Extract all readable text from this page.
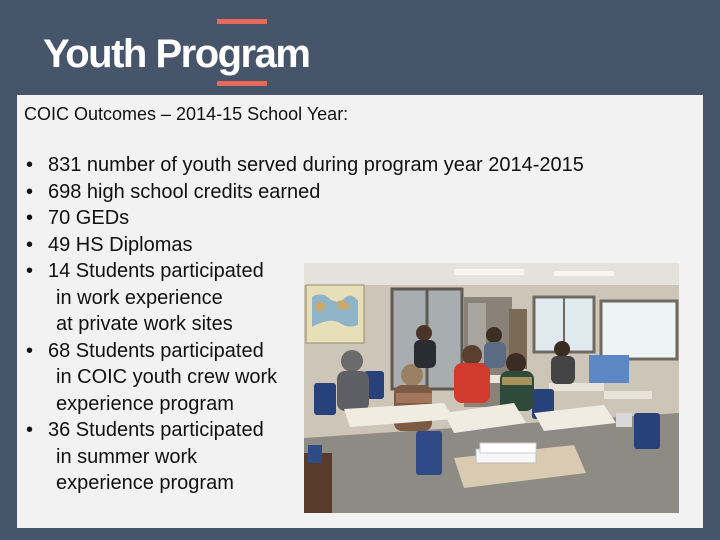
Youth Program
COIC Outcomes – 2014-15 School Year:
• 831 number of youth served during program year 2014-2015
• 698 high school credits earned
• 70 GEDs
• 49 HS Diplomas
• 14 Students participated
in work experience
at private work sites
• 68 Students participated
in COIC youth crew work
experience program
• 36 Students participated
in summer work
experience program
